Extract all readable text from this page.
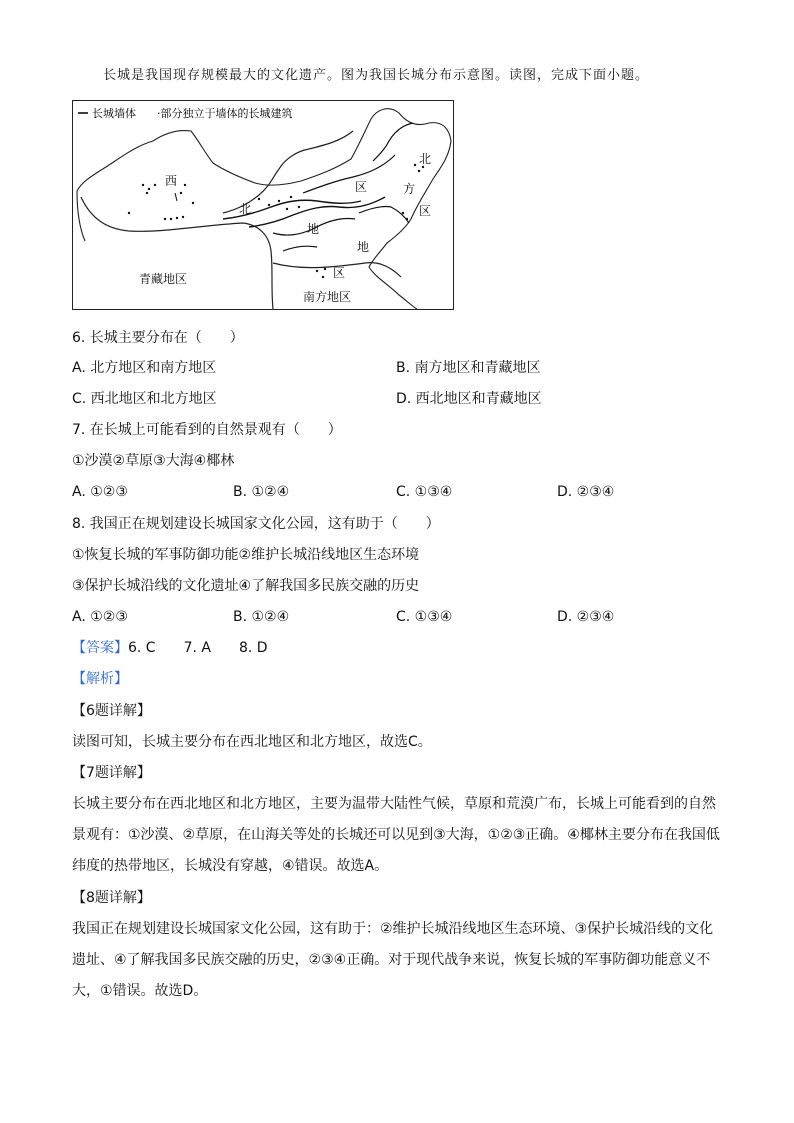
长城是我国现存规模最大的文化遗产。图为我国长城分布示意图。读图，完成下面小题。
长城墙体 ·部分独立于墙体的长城建筑
西
北
区
北
方
区
地
地
区
青藏地区
南方地区
6. 长城主要分布在（　　）
A. 北方地区和南方地区	B. 南方地区和青藏地区
C. 西北地区和北方地区	D. 西北地区和青藏地区
7. 在长城上可能看到的自然景观有（　　）
①沙漠②草原③大海④椰林
A. ①②③	B. ①②④	C. ①③④	D. ②③④
8. 我国正在规划建设长城国家文化公园，这有助于（　　）
①恢复长城的军事防御功能②维护长城沿线地区生态环境
③保护长城沿线的文化遗址④了解我国多民族交融的历史
A. ①②③	B. ①②④	C. ①③④	D. ②③④
【答案】6. C　　7. A　　8. D
【解析】
【6题详解】
读图可知，长城主要分布在西北地区和北方地区，故选C。
【7题详解】
长城主要分布在西北地区和北方地区，主要为温带大陆性气候，草原和荒漠广布，长城上可能看到的自然景观有：①沙漠、②草原，在山海关等处的长城还可以见到③大海，①②③正确。④椰林主要分布在我国低纬度的热带地区，长城没有穿越，④错误。故选A。
【8题详解】
我国正在规划建设长城国家文化公园，这有助于：②维护长城沿线地区生态环境、③保护长城沿线的文化遗址、④了解我国多民族交融的历史，②③④正确。对于现代战争来说，恢复长城的军事防御功能意义不大，①错误。故选D。
